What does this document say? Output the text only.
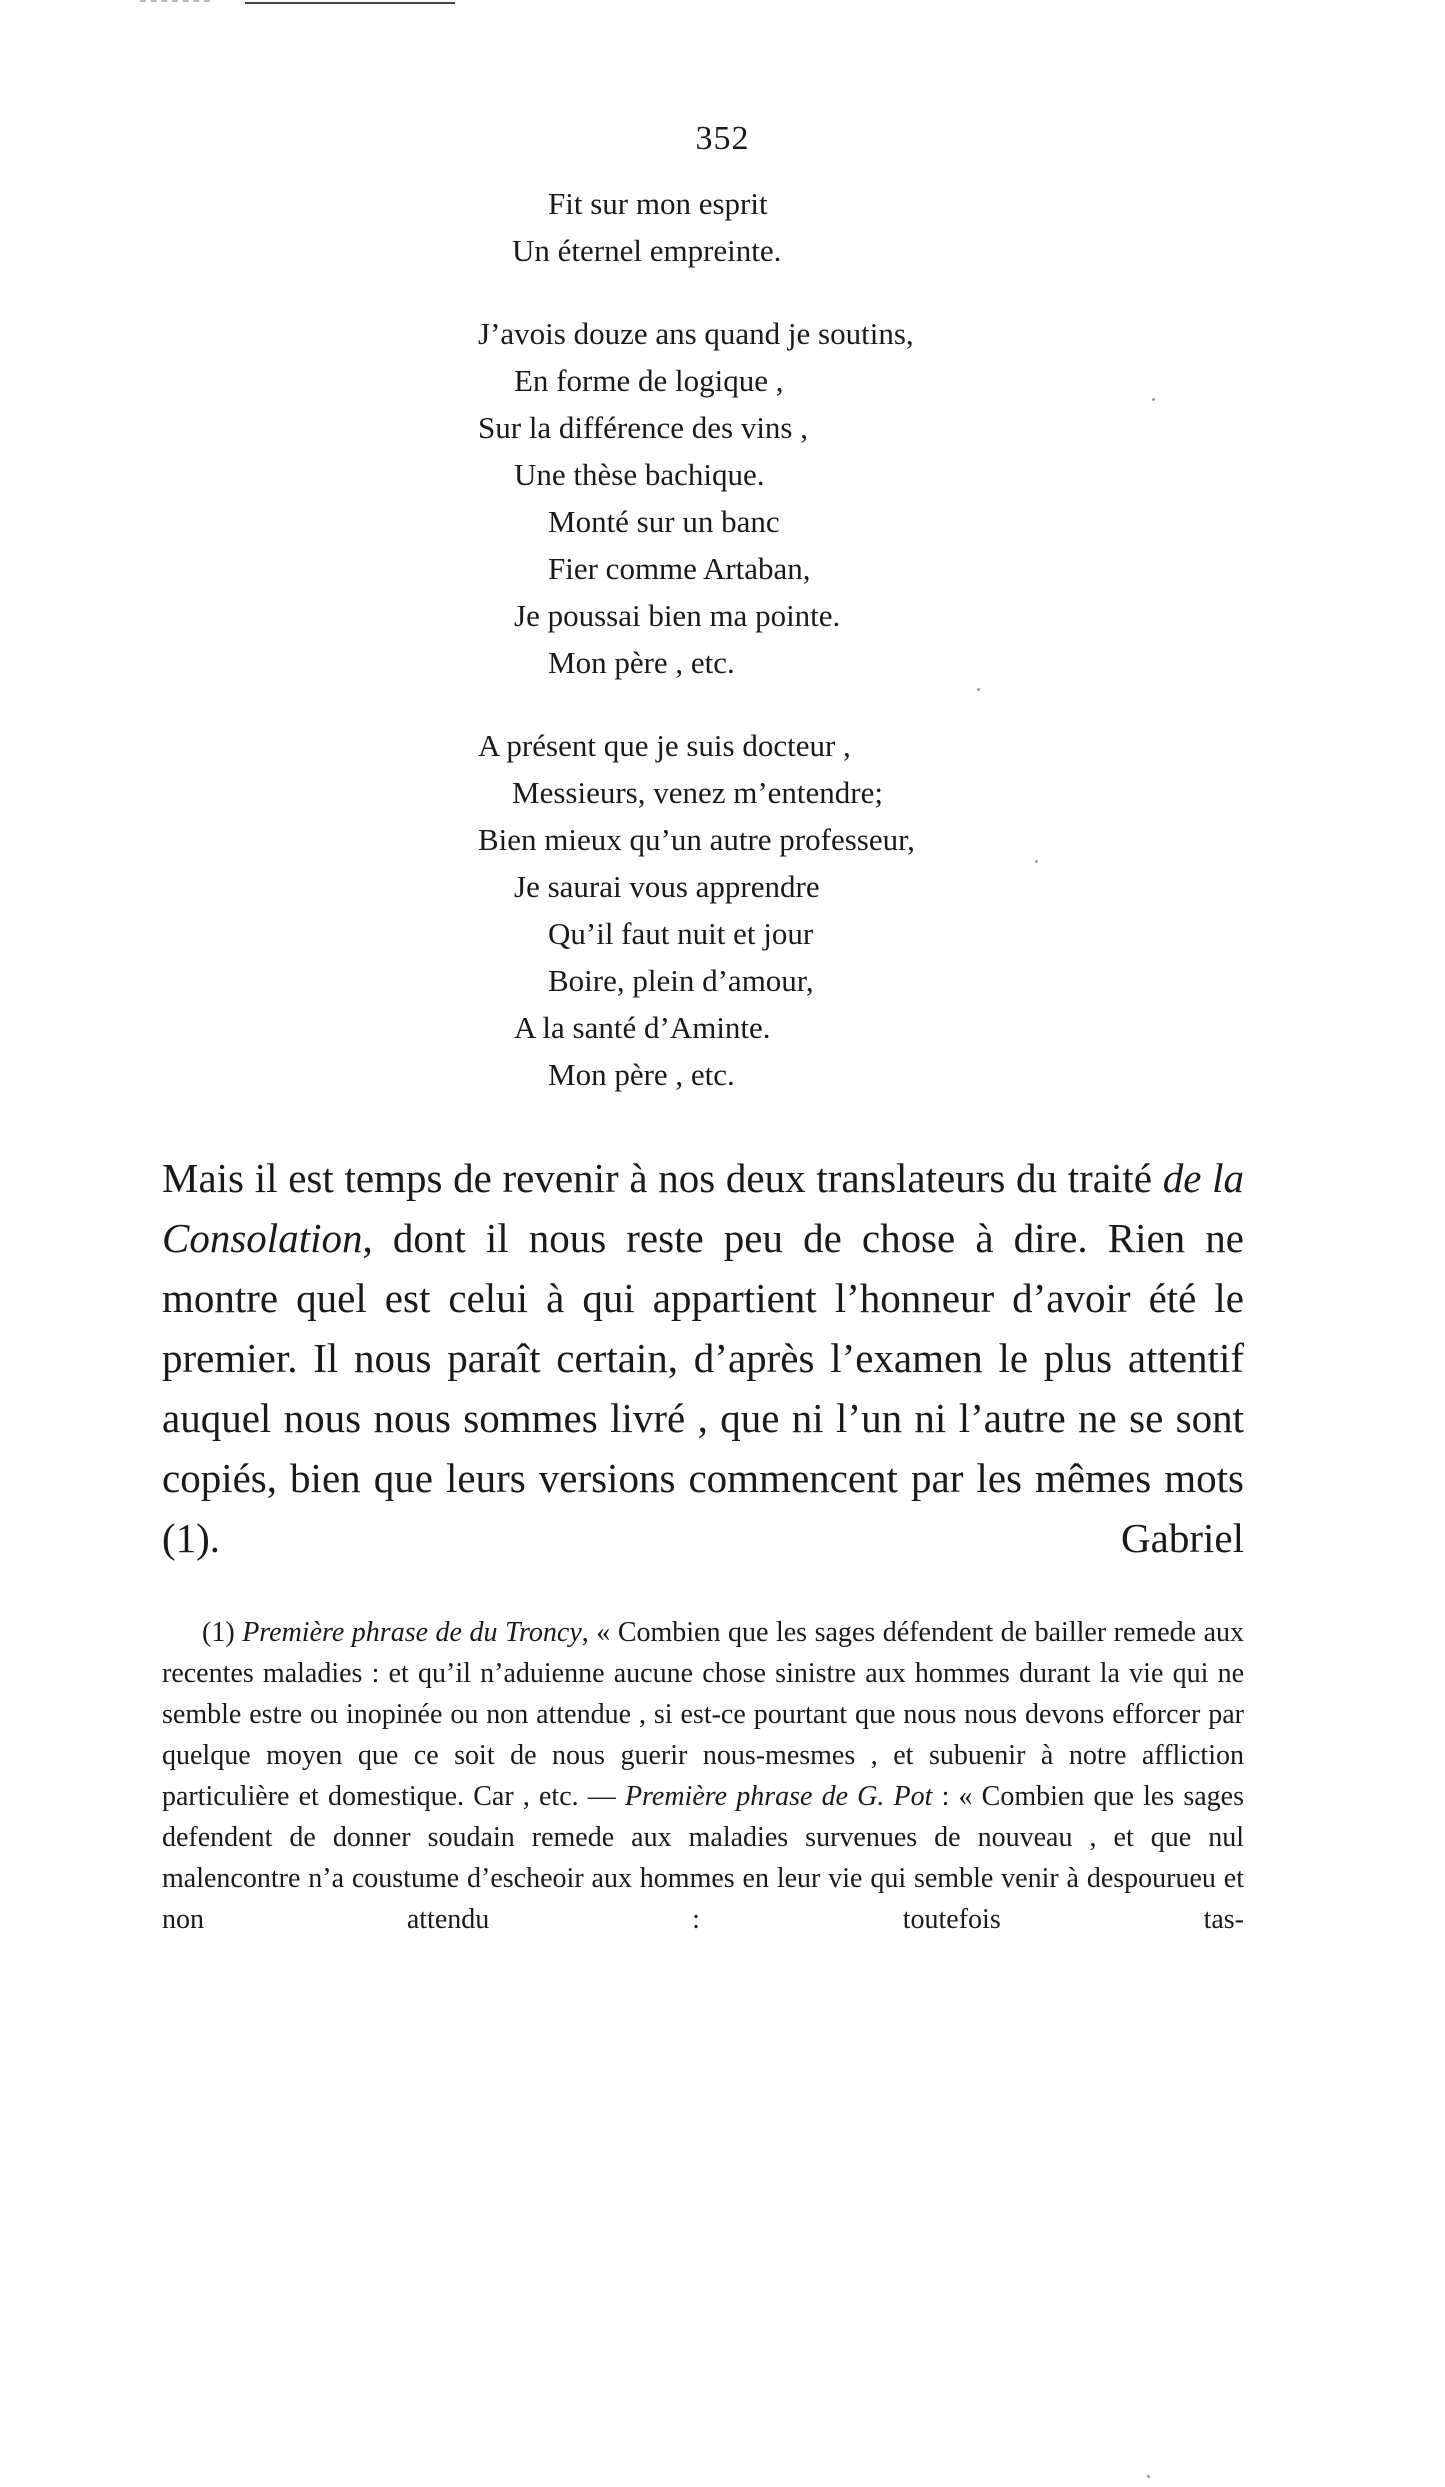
352
Fit sur mon esprit
Un éternel empreinte.
J’avois douze ans quand je soutins,
En forme de logique ,
Sur la différence des vins ,
Une thèse bachique.
Monté sur un banc
Fier comme Artaban,
Je poussai bien ma pointe.
Mon père , etc.
A présent que je suis docteur ,
Messieurs, venez m’entendre;
Bien mieux qu’un autre professeur,
Je saurai vous apprendre
Qu’il faut nuit et jour
Boire, plein d’amour,
A la santé d’Aminte.
Mon père , etc.

Mais il est temps de revenir à nos deux translateurs du traité de la Consolation, dont il nous reste peu de chose à dire. Rien ne montre quel est celui à qui appartient l’honneur d’avoir été le premier. Il nous paraît certain, d’après l’examen le plus attentif auquel nous nous sommes livré , que ni l’un ni l’autre ne se sont copiés, bien que leurs versions commencent par les mêmes mots (1). Gabriel

(1) Première phrase de du Troncy, « Combien que les sages défendent de bailler remede aux recentes maladies : et qu’il n’aduienne aucune chose sinistre aux hommes durant la vie qui ne semble estre ou inopinée ou non attendue , si est-ce pourtant que nous nous devons efforcer par quelque moyen que ce soit de nous guerir nous-mesmes , et subuenir à notre affliction particulière et domestique. Car , etc. — Première phrase de G. Pot : « Combien que les sages defendent de donner soudain remede aux maladies survenues de nouveau , et que nul malencontre n’a coustume d’escheoir aux hommes en leur vie qui semble venir à despourueu et non attendu : toutefois tas-
